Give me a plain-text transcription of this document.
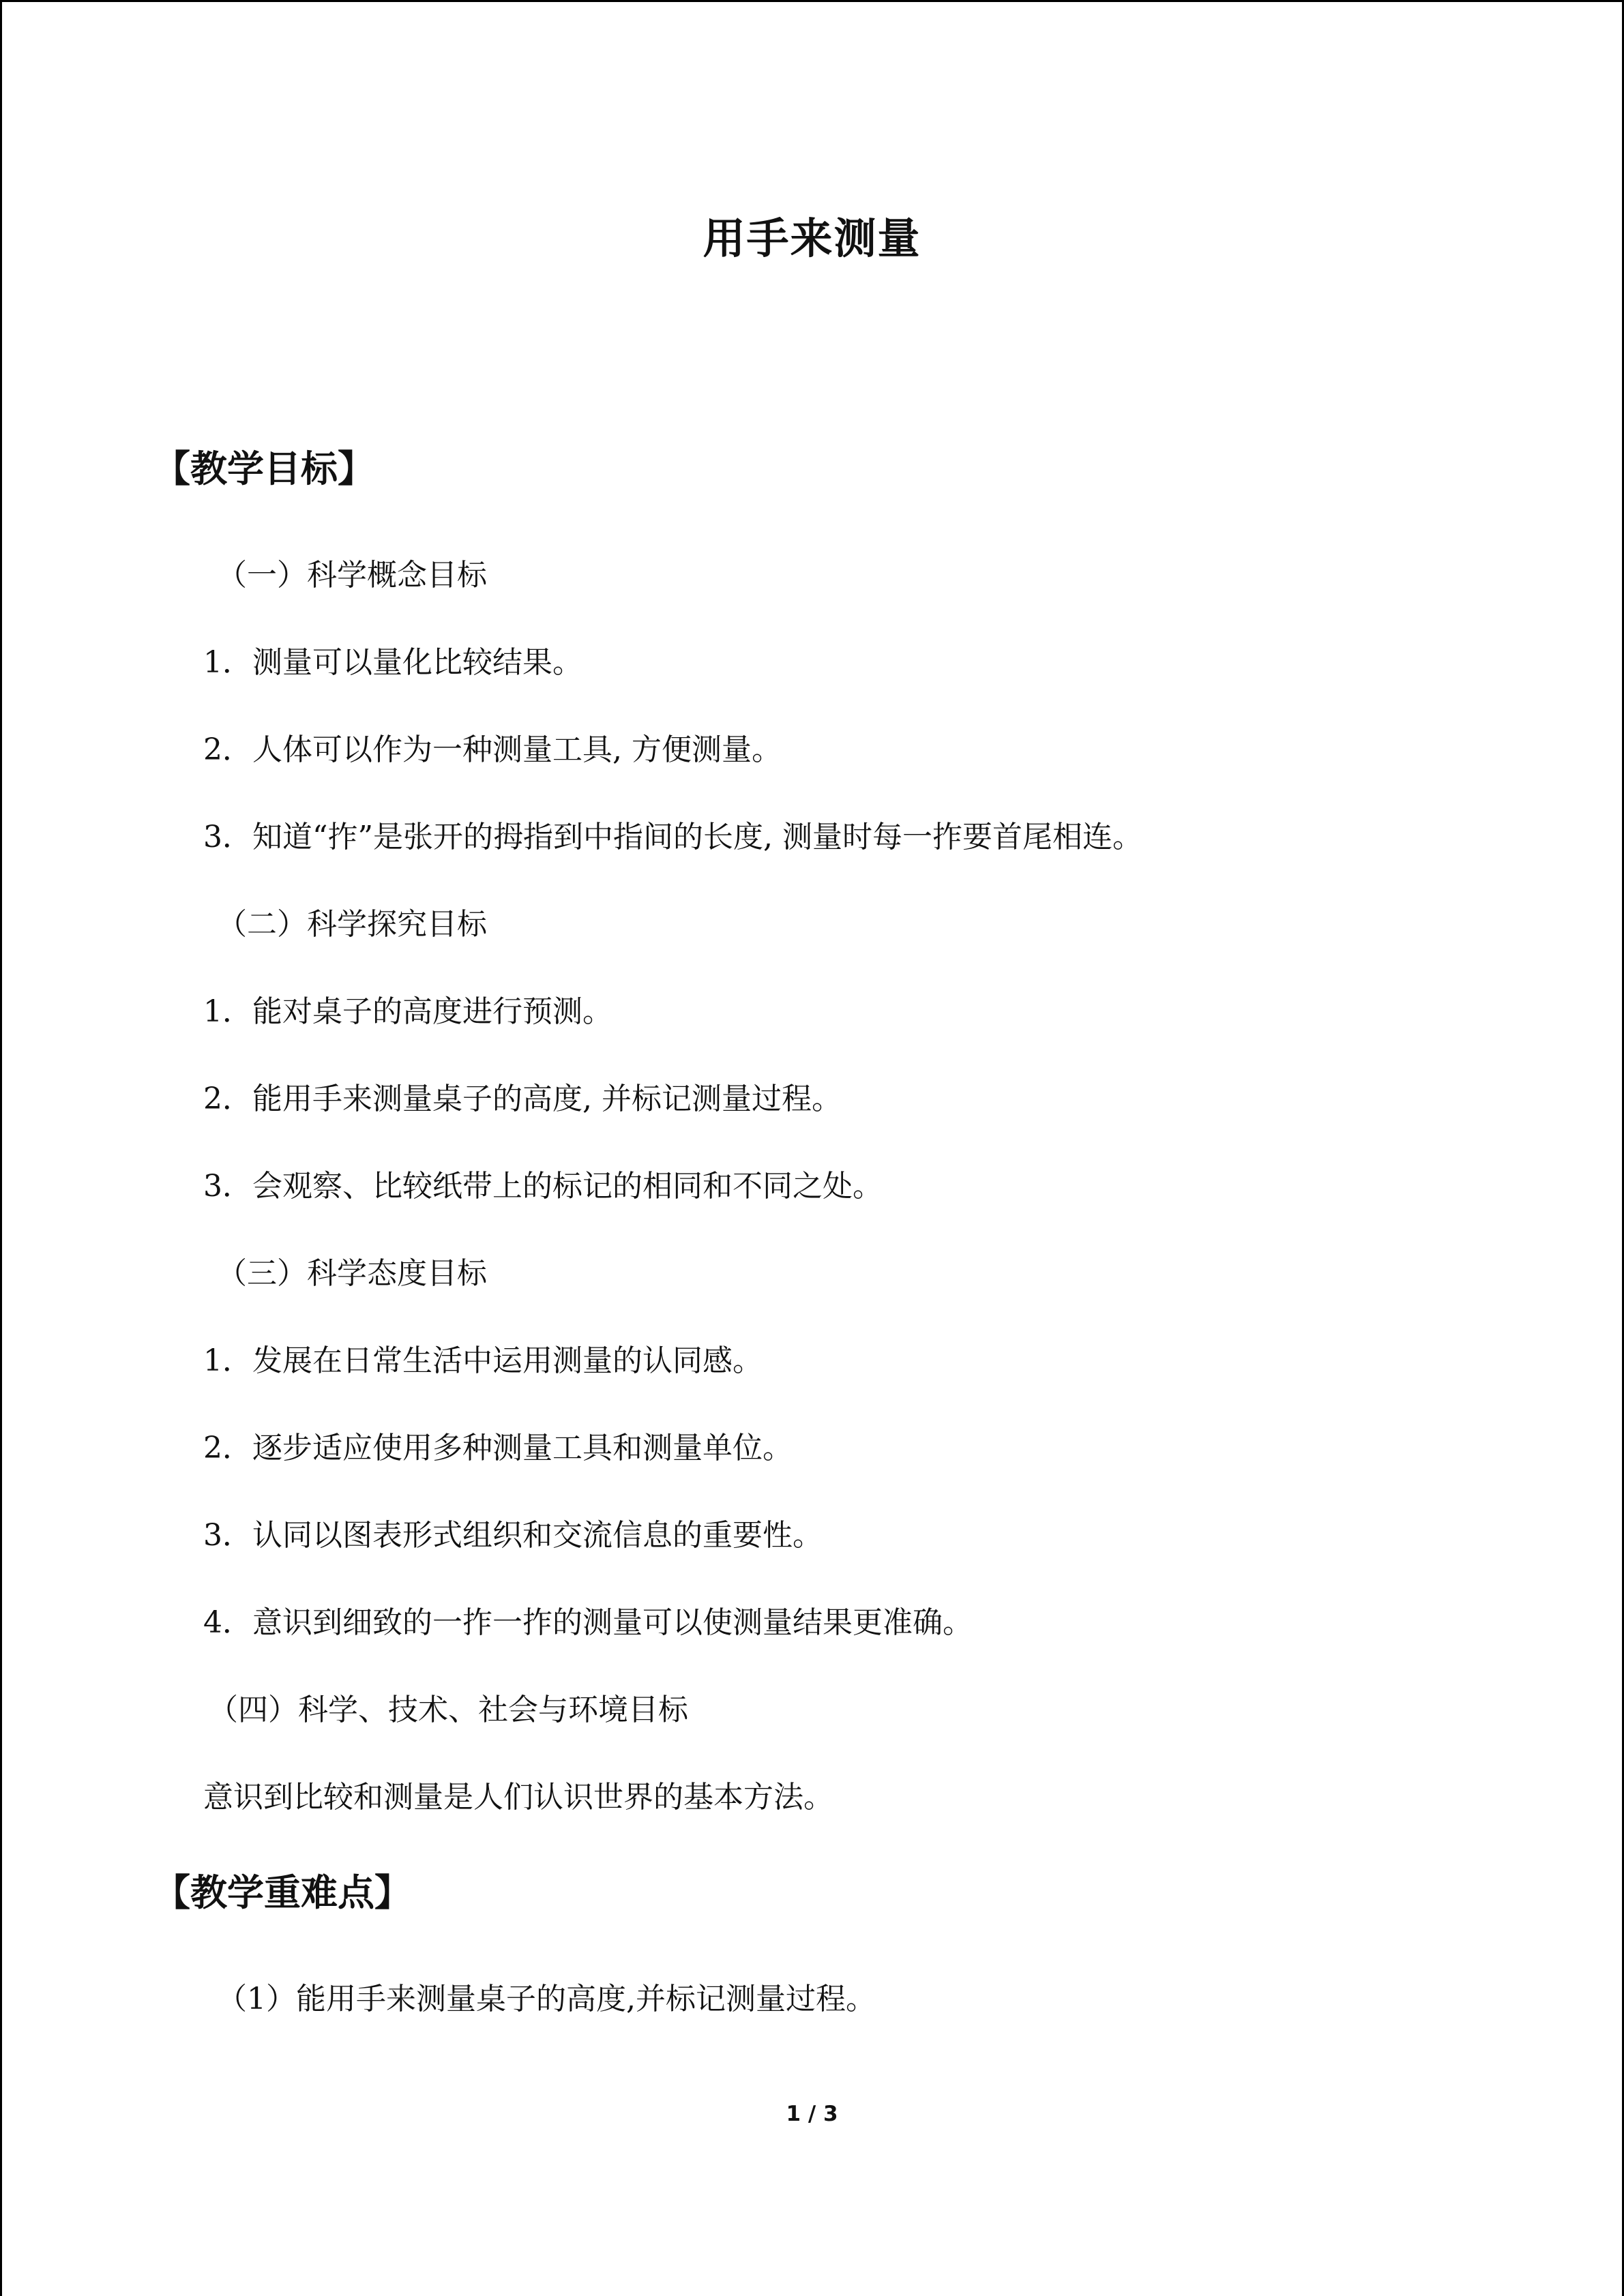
用手来测量
【教学目标】
（一）科学概念目标
1．测量可以量化比较结果。
2．人体可以作为一种测量工具, 方便测量。
3．知道“拃”是张开的拇指到中指间的长度, 测量时每一拃要首尾相连。
（二）科学探究目标
1．能对桌子的高度进行预测。
2．能用手来测量桌子的高度, 并标记测量过程。
3．会观察、比较纸带上的标记的相同和不同之处。
（三）科学态度目标
1．发展在日常生活中运用测量的认同感。
2．逐步适应使用多种测量工具和测量单位。
3．认同以图表形式组织和交流信息的重要性。
4．意识到细致的一拃一拃的测量可以使测量结果更准确。
（四）科学、技术、社会与环境目标
意识到比较和测量是人们认识世界的基本方法。
【教学重难点】
（1）能用手来测量桌子的高度,并标记测量过程。
1 / 3
